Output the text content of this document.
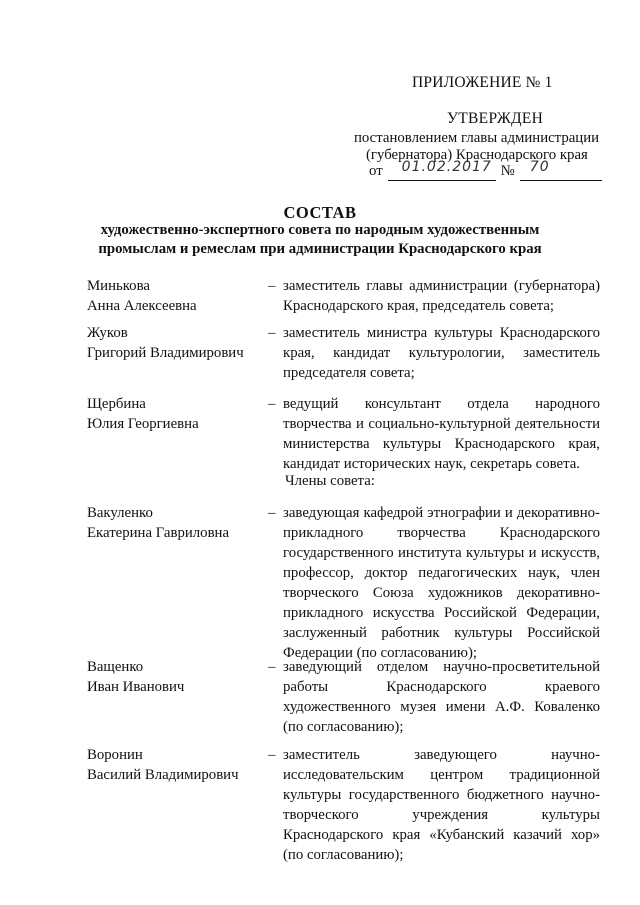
ПРИЛОЖЕНИЕ № 1
УТВЕРЖДЕН
постановлением главы администрации
(губернатора) Краснодарского края
от 01.02.2017 № 70
СОСТАВ
художественно-экспертного совета по народным художественным
промыслам и ремеслам при администрации Краснодарского края
Минькова
Анна Алексеевна
– заместитель главы администрации (губернатора) Краснодарского края, председатель совета;
Жуков
Григорий Владимирович
– заместитель министра культуры Краснодарского края, кандидат культурологии, заместитель председателя совета;
Щербина
Юлия Георгиевна
– ведущий консультант отдела народного творчества и социально-культурной деятельности министерства культуры Краснодарского края, кандидат исторических наук, секретарь совета.
Члены совета:
Вакуленко
Екатерина Гавриловна
– заведующая кафедрой этнографии и декоративно-прикладного творчества Краснодарского государственного института культуры и искусств, профессор, доктор педагогических наук, член творческого Союза художников декоративно-прикладного искусства Российской Федерации, заслуженный работник культуры Российской Федерации (по согласованию);
Ващенко
Иван Иванович
– заведующий отделом научно-просветительной работы Краснодарского краевого художественного музея имени А.Ф. Коваленко (по согласованию);
Воронин
Василий Владимирович
– заместитель заведующего научно-исследовательским центром традиционной культуры государственного бюджетного научно-творческого учреждения культуры Краснодарского края «Кубанский казачий хор» (по согласованию);
